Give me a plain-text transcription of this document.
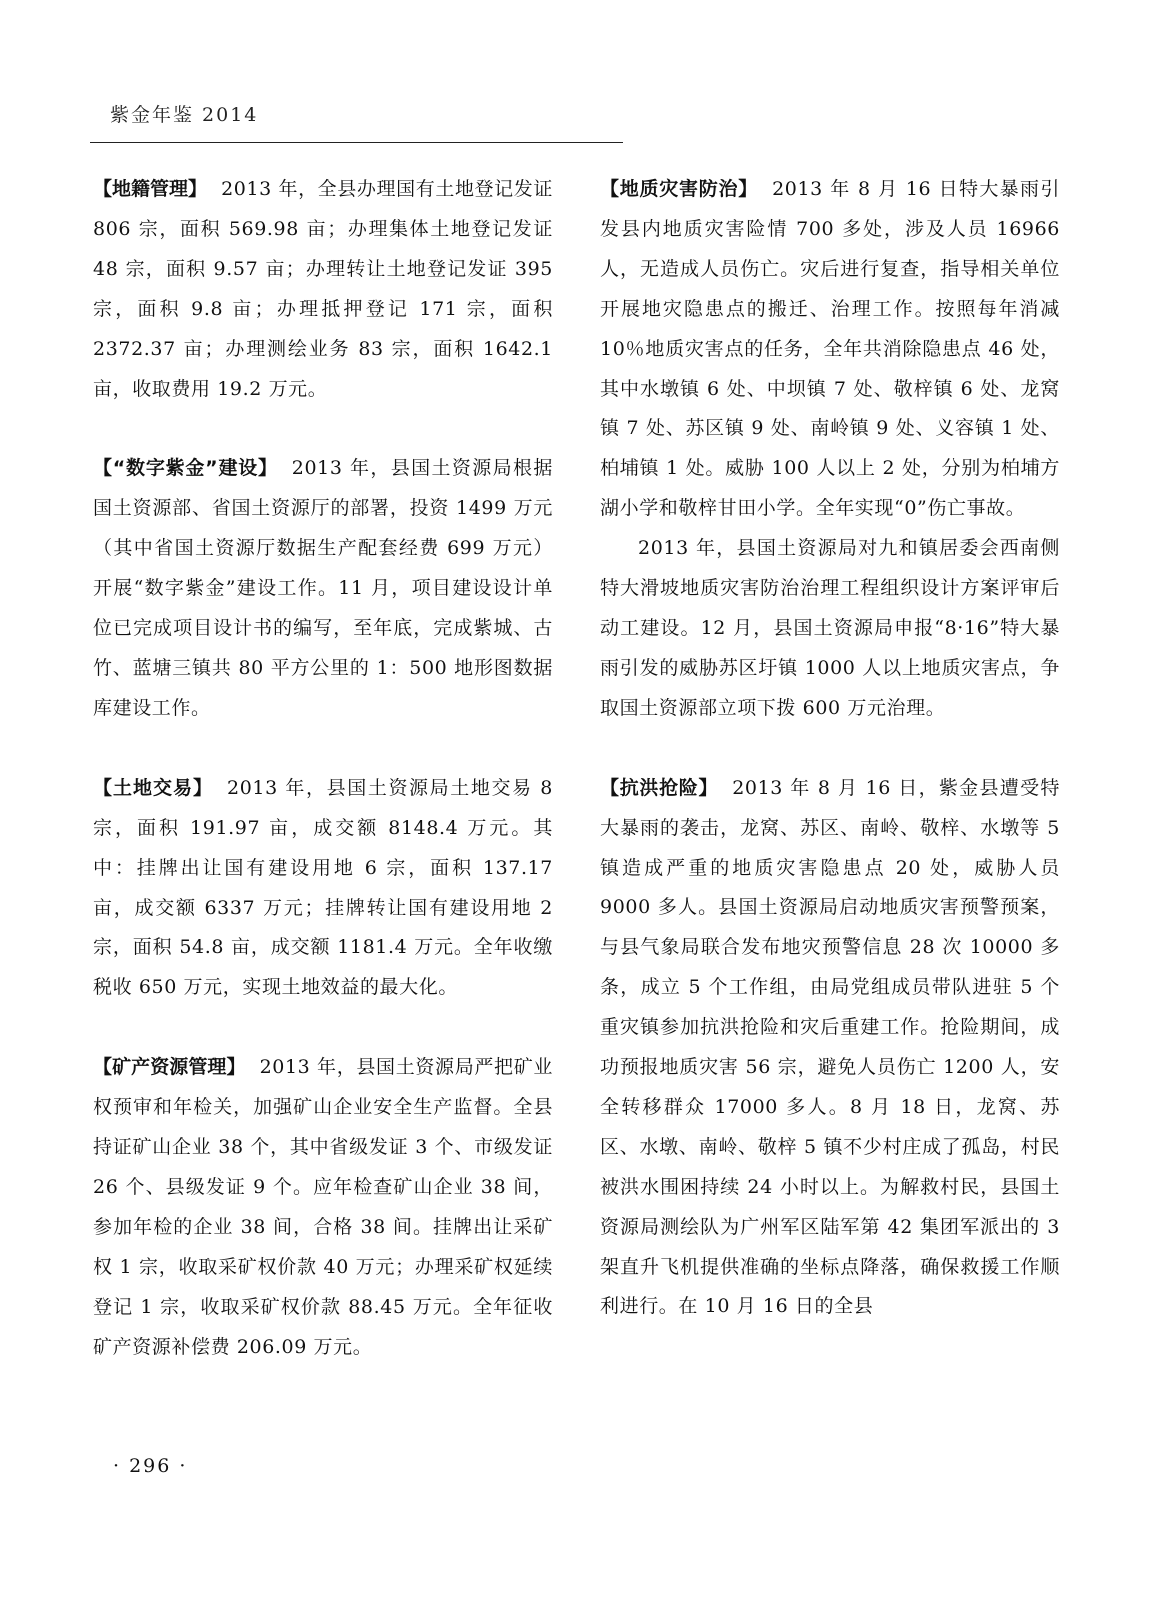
紫金年鉴 2014

【地籍管理】 2013 年，全县办理国有土地登记发证 806 宗，面积 569.98 亩；办理集体土地登记发证 48 宗，面积 9.57 亩；办理转让土地登记发证 395 宗，面积 9.8 亩；办理抵押登记 171 宗，面积 2372.37 亩；办理测绘业务 83 宗，面积 1642.1 亩，收取费用 19.2 万元。

【“数字紫金”建设】 2013 年，县国土资源局根据国土资源部、省国土资源厅的部署，投资 1499 万元（其中省国土资源厅数据生产配套经费 699 万元）开展“数字紫金”建设工作。11 月，项目建设设计单位已完成项目设计书的编写，至年底，完成紫城、古竹、蓝塘三镇共 80 平方公里的 1：500 地形图数据库建设工作。

【土地交易】 2013 年，县国土资源局土地交易 8 宗，面积 191.97 亩，成交额 8148.4 万元。其中：挂牌出让国有建设用地 6 宗，面积 137.17 亩，成交额 6337 万元；挂牌转让国有建设用地 2 宗，面积 54.8 亩，成交额 1181.4 万元。全年收缴税收 650 万元，实现土地效益的最大化。

【矿产资源管理】 2013 年，县国土资源局严把矿业权预审和年检关，加强矿山企业安全生产监督。全县持证矿山企业 38 个，其中省级发证 3 个、市级发证 26 个、县级发证 9 个。应年检查矿山企业 38 间，参加年检的企业 38 间，合格 38 间。挂牌出让采矿权 1 宗，收取采矿权价款 40 万元；办理采矿权延续登记 1 宗，收取采矿权价款 88.45 万元。全年征收矿产资源补偿费 206.09 万元。

【地质灾害防治】 2013 年 8 月 16 日特大暴雨引发县内地质灾害险情 700 多处，涉及人员 16966 人，无造成人员伤亡。灾后进行复查，指导相关单位开展地灾隐患点的搬迁、治理工作。按照每年消减 10％地质灾害点的任务，全年共消除隐患点 46 处，其中水墩镇 6 处、中坝镇 7 处、敬梓镇 6 处、龙窝镇 7 处、苏区镇 9 处、南岭镇 9 处、义容镇 1 处、柏埔镇 1 处。威胁 100 人以上 2 处，分别为柏埔方湖小学和敬梓甘田小学。全年实现“0”伤亡事故。

2013 年，县国土资源局对九和镇居委会西南侧特大滑坡地质灾害防治治理工程组织设计方案评审后动工建设。12 月，县国土资源局申报“8·16”特大暴雨引发的威胁苏区圩镇 1000 人以上地质灾害点，争取国土资源部立项下拨 600 万元治理。

【抗洪抢险】 2013 年 8 月 16 日，紫金县遭受特大暴雨的袭击，龙窝、苏区、南岭、敬梓、水墩等 5 镇造成严重的地质灾害隐患点 20 处，威胁人员 9000 多人。县国土资源局启动地质灾害预警预案，与县气象局联合发布地灾预警信息 28 次 10000 多条，成立 5 个工作组，由局党组成员带队进驻 5 个重灾镇参加抗洪抢险和灾后重建工作。抢险期间，成功预报地质灾害 56 宗，避免人员伤亡 1200 人，安全转移群众 17000 多人。8 月 18 日，龙窝、苏区、水墩、南岭、敬梓 5 镇不少村庄成了孤岛，村民被洪水围困持续 24 小时以上。为解救村民，县国土资源局测绘队为广州军区陆军第 42 集团军派出的 3 架直升飞机提供准确的坐标点降落，确保救援工作顺利进行。在 10 月 16 日的全县

· 296 ·
